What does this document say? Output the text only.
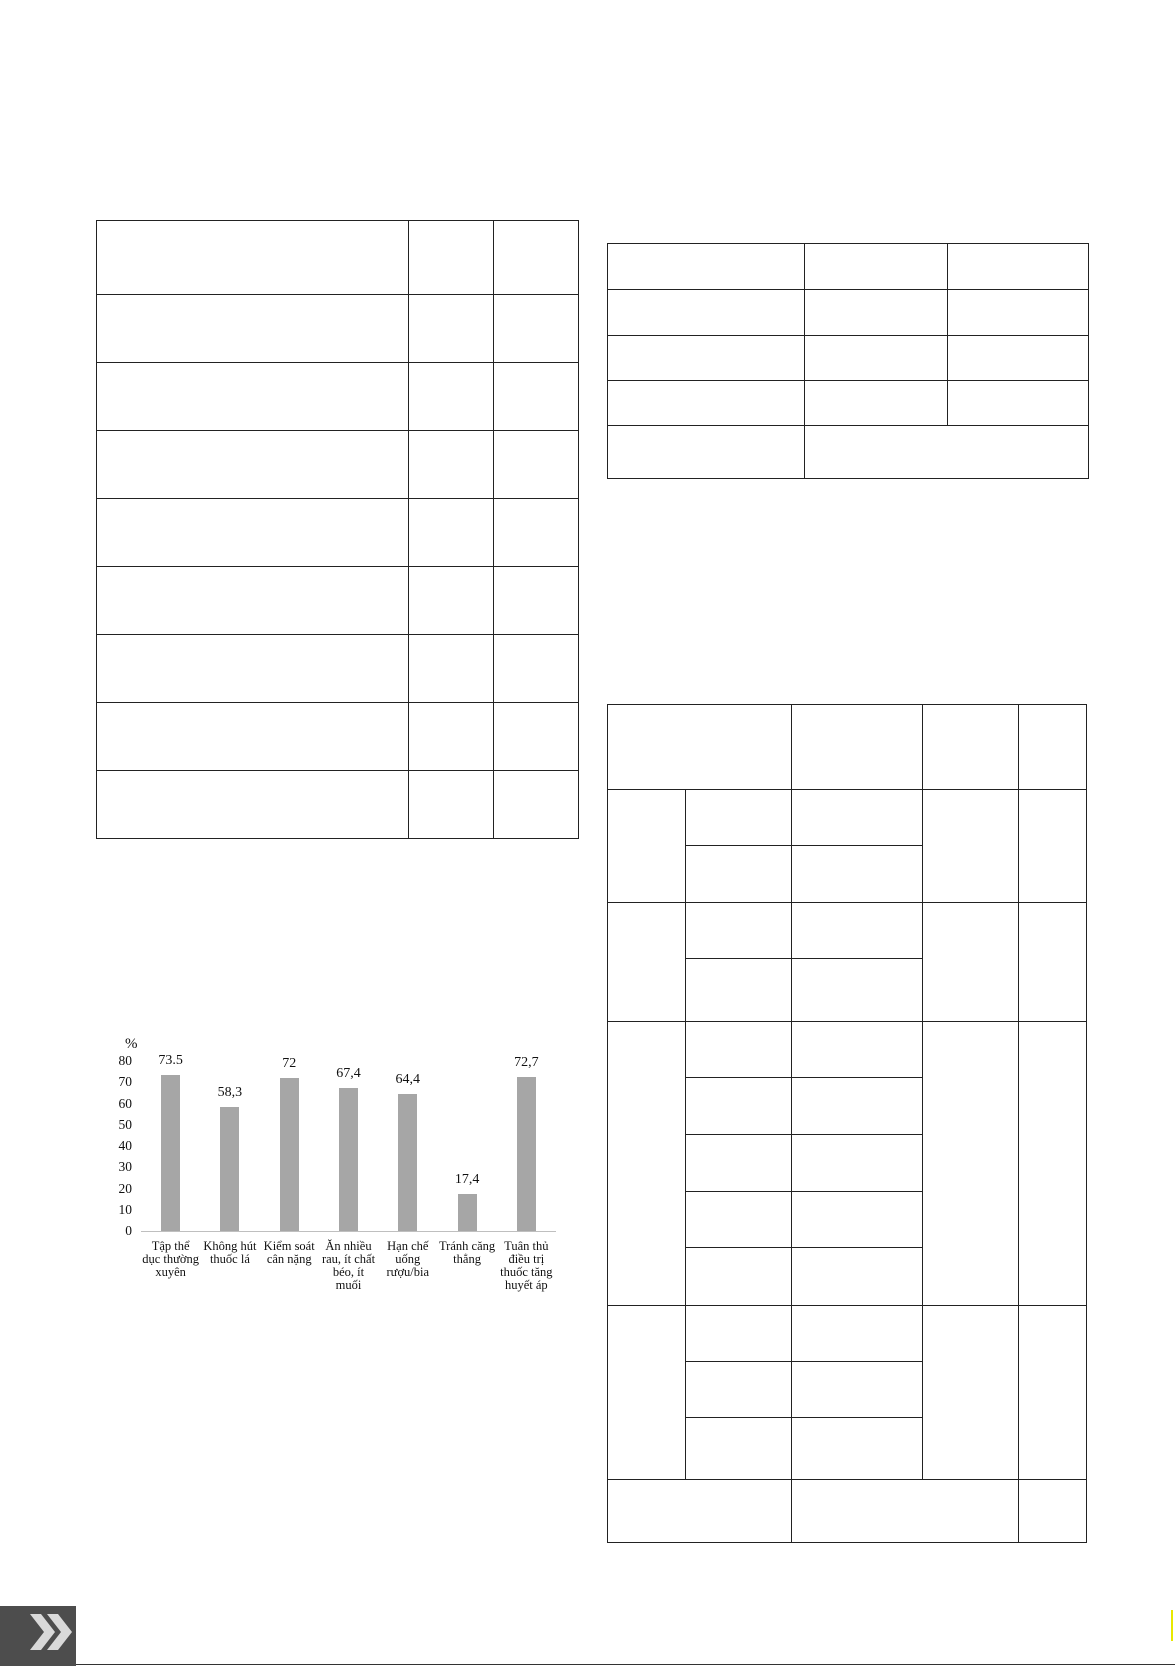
%
0
10
20
30
40
50
60
70
80	73.5
Tập thể
dục thường
xuyên
58,3
Không hút
thuốc lá
72
Kiểm soát
cân nặng
67,4
Ăn nhiều
rau, ít chất
béo, ít
muối
64,4
Hạn chế
uống
rượu/bia
17,4
Tránh căng
thẳng
72,7
Tuân thủ
điều trị
thuốc tăng
huyết áp
